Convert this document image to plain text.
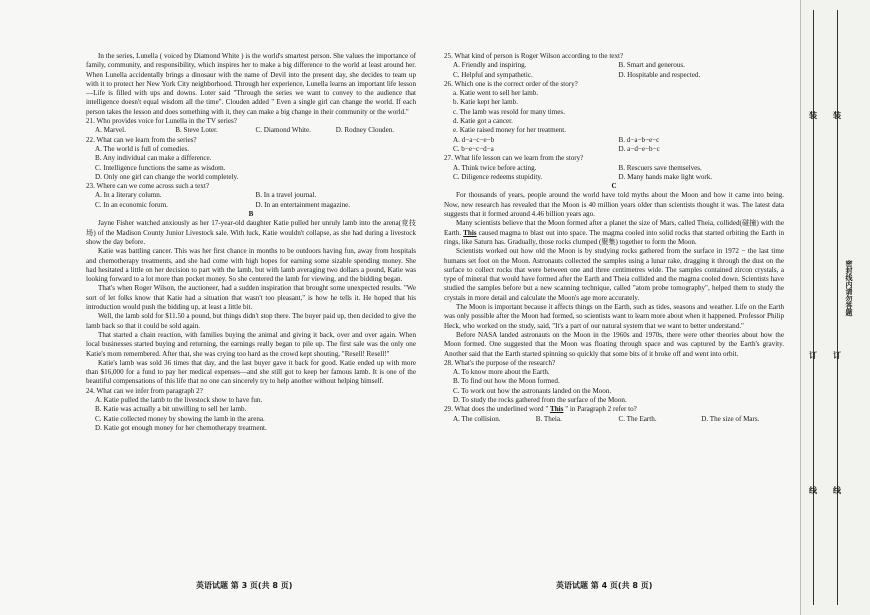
In the series, Lunella ( voiced by Diamond White ) is the world's smartest person. She values the importance of family, community, and responsibility, which inspires her to make a big difference to the world at least around her. When Lunella accidentally brings a dinosaur with the name of Devil into the present day, she decides to team up with it to protect her New York City neighborhood. Through her experience, Lunella learns an important life lesson—Life is filled with ups and downs. Loter said "Through the series we want to convey to the audience that intelligence doesn't equal wisdom all the time". Clouden added " Even a single girl can change the world. If each person takes the lesson and does something with it, they can make a big change in their community or the world."

21. Who provides voice for Lunella in the TV series?
A. Marvel.	B. Steve Loter.	C. Diamond White.	D. Rodney Clouden.
22. What can we learn from the series?
A. The world is full of comedies.
B. Any individual can make a difference.
C. Intelligence functions the same as wisdom.
D. Only one girl can change the world completely.
23. Where can we come across such a text?
A. In a literary column.	B. In a travel journal.
C. In an economic forum.	D. In an entertainment magazine.
B

Jayne Fisher watched anxiously as her 17-year-old daughter Katie pulled her unruly lamb into the arena(竞技场) of the Madison County Junior Livestock sale. With luck, Katie wouldn't collapse, as she had during a livestock show the day before.

Katie was battling cancer. This was her first chance in months to be outdoors having fun, away from hospitals and chemotherapy treatments, and she had come with high hopes for earning some sizable spending money. She had hesitated a little on her decision to part with the lamb, but with lamb averaging two dollars a pound, Katie was looking forward to a lot more than pocket money. So she centered the lamb for viewing, and the bidding began.

That's when Roger Wilson, the auctioneer, had a sudden inspiration that brought some unexpected results. "We sort of let folks know that Katie had a situation that wasn't too pleasant," is how he tells it. He hoped that his introduction would push the bidding up, at least a little bit.

Well, the lamb sold for $11.50 a pound, but things didn't stop there. The buyer paid up, then decided to give the lamb back so that it could be sold again.

That started a chain reaction, with families buying the animal and giving it back, over and over again. When local businesses started buying and returning, the earnings really began to pile up. The first sale was the only one Katie's mom remembered. After that, she was crying too hard as the crowd kept shouting, "Resell! Resell!"

Katie's lamb was sold 36 times that day, and the last buyer gave it back for good. Katie ended up with more than $16,000 for a fund to pay her medical expenses—and she still got to keep her famous lamb. It is one of the beautiful compensations of this life that no one can sincerely try to help another without helping himself.

24. What can we infer from paragraph 2?
A. Katie pulled the lamb to the livestock show to have fun.
B. Katie was actually a bit unwilling to sell her lamb.
C. Katie collected money by showing the lamb in the arena.
D. Katie got enough money for her chemotherapy treatment.
英语试题 第 3 页(共 8 页)
25. What kind of person is Roger Wilson according to the text?
A. Friendly and inspiring.	B. Smart and generous.
C. Helpful and sympathetic.	D. Hospitable and respected.
26. Which one is the correct order of the story?
a. Katie went to sell her lamb.
b. Katie kept her lamb.
c. The lamb was resold for many times.
d. Katie got a cancer.
e. Katie raised money for her treatment.
A. d−a−c−e−b	B. d−a−b−e−c
C. b−e−c−d−a	D. a−d−e−b−c
27. What life lesson can we learn from the story?
A. Think twice before acting.	B. Rescuers save themselves.
C. Diligence redeems stupidity.	D. Many hands make light work.
C

For thousands of years, people around the world have told myths about the Moon and how it came into being. Now, new research has revealed that the Moon is 40 million years older than scientists thought it was. The latest data suggests that it formed around 4.46 billion years ago.

Many scientists believe that the Moon formed after a planet the size of Mars, called Theia, collided(碰撞) with the Earth. This caused magma to blast out into space. The magma cooled into solid rocks that started orbiting the Earth in rings, like Saturn has. Gradually, those rocks clumped (聚集) together to form the Moon.

Scientists worked out how old the Moon is by studying rocks gathered from the surface in 1972 − the last time humans set foot on the Moon. Astronauts collected the samples using a lunar rake, dragging it through the dust on the surface to collect rocks that were between one and three centimetres wide. The samples contained zircon crystals, a type of mineral that would have formed after the Earth and Theia collided and the magma cooled down. Scientists have studied the samples before but a new scanning technique, called "atom probe tomography", helped them to study the crystals in more detail and calculate the Moon's age more accurately.

The Moon is important because it affects things on the Earth, such as tides, seasons and weather. Life on the Earth was only possible after the Moon had formed, so scientists want to learn more about when it happened. Professor Philip Heck, who worked on the study, said, "It's a part of our natural system that we want to better understand."

Before NASA landed astronauts on the Moon in the 1960s and 1970s, there were other theories about how the Moon formed. One suggested that the Moon was floating through space and was captured by the Earth's gravity. Another said that the Earth started spinning so quickly that some bits of it broke off and went into orbit.

28. What's the purpose of the research?
A. To know more about the Earth.
B. To find out how the Moon formed.
C. To work out how the astronauts landed on the Moon.
D. To study the rocks gathered from the surface of the Moon.
29. What does the underlined word " This " in Paragraph 2 refer to?
A. The collision.	B. Theia.	C. The Earth.	D. The size of Mars.
英语试题 第 4 页(共 8 页)
装
订
线
装
订
线
密封线内请勿答题
